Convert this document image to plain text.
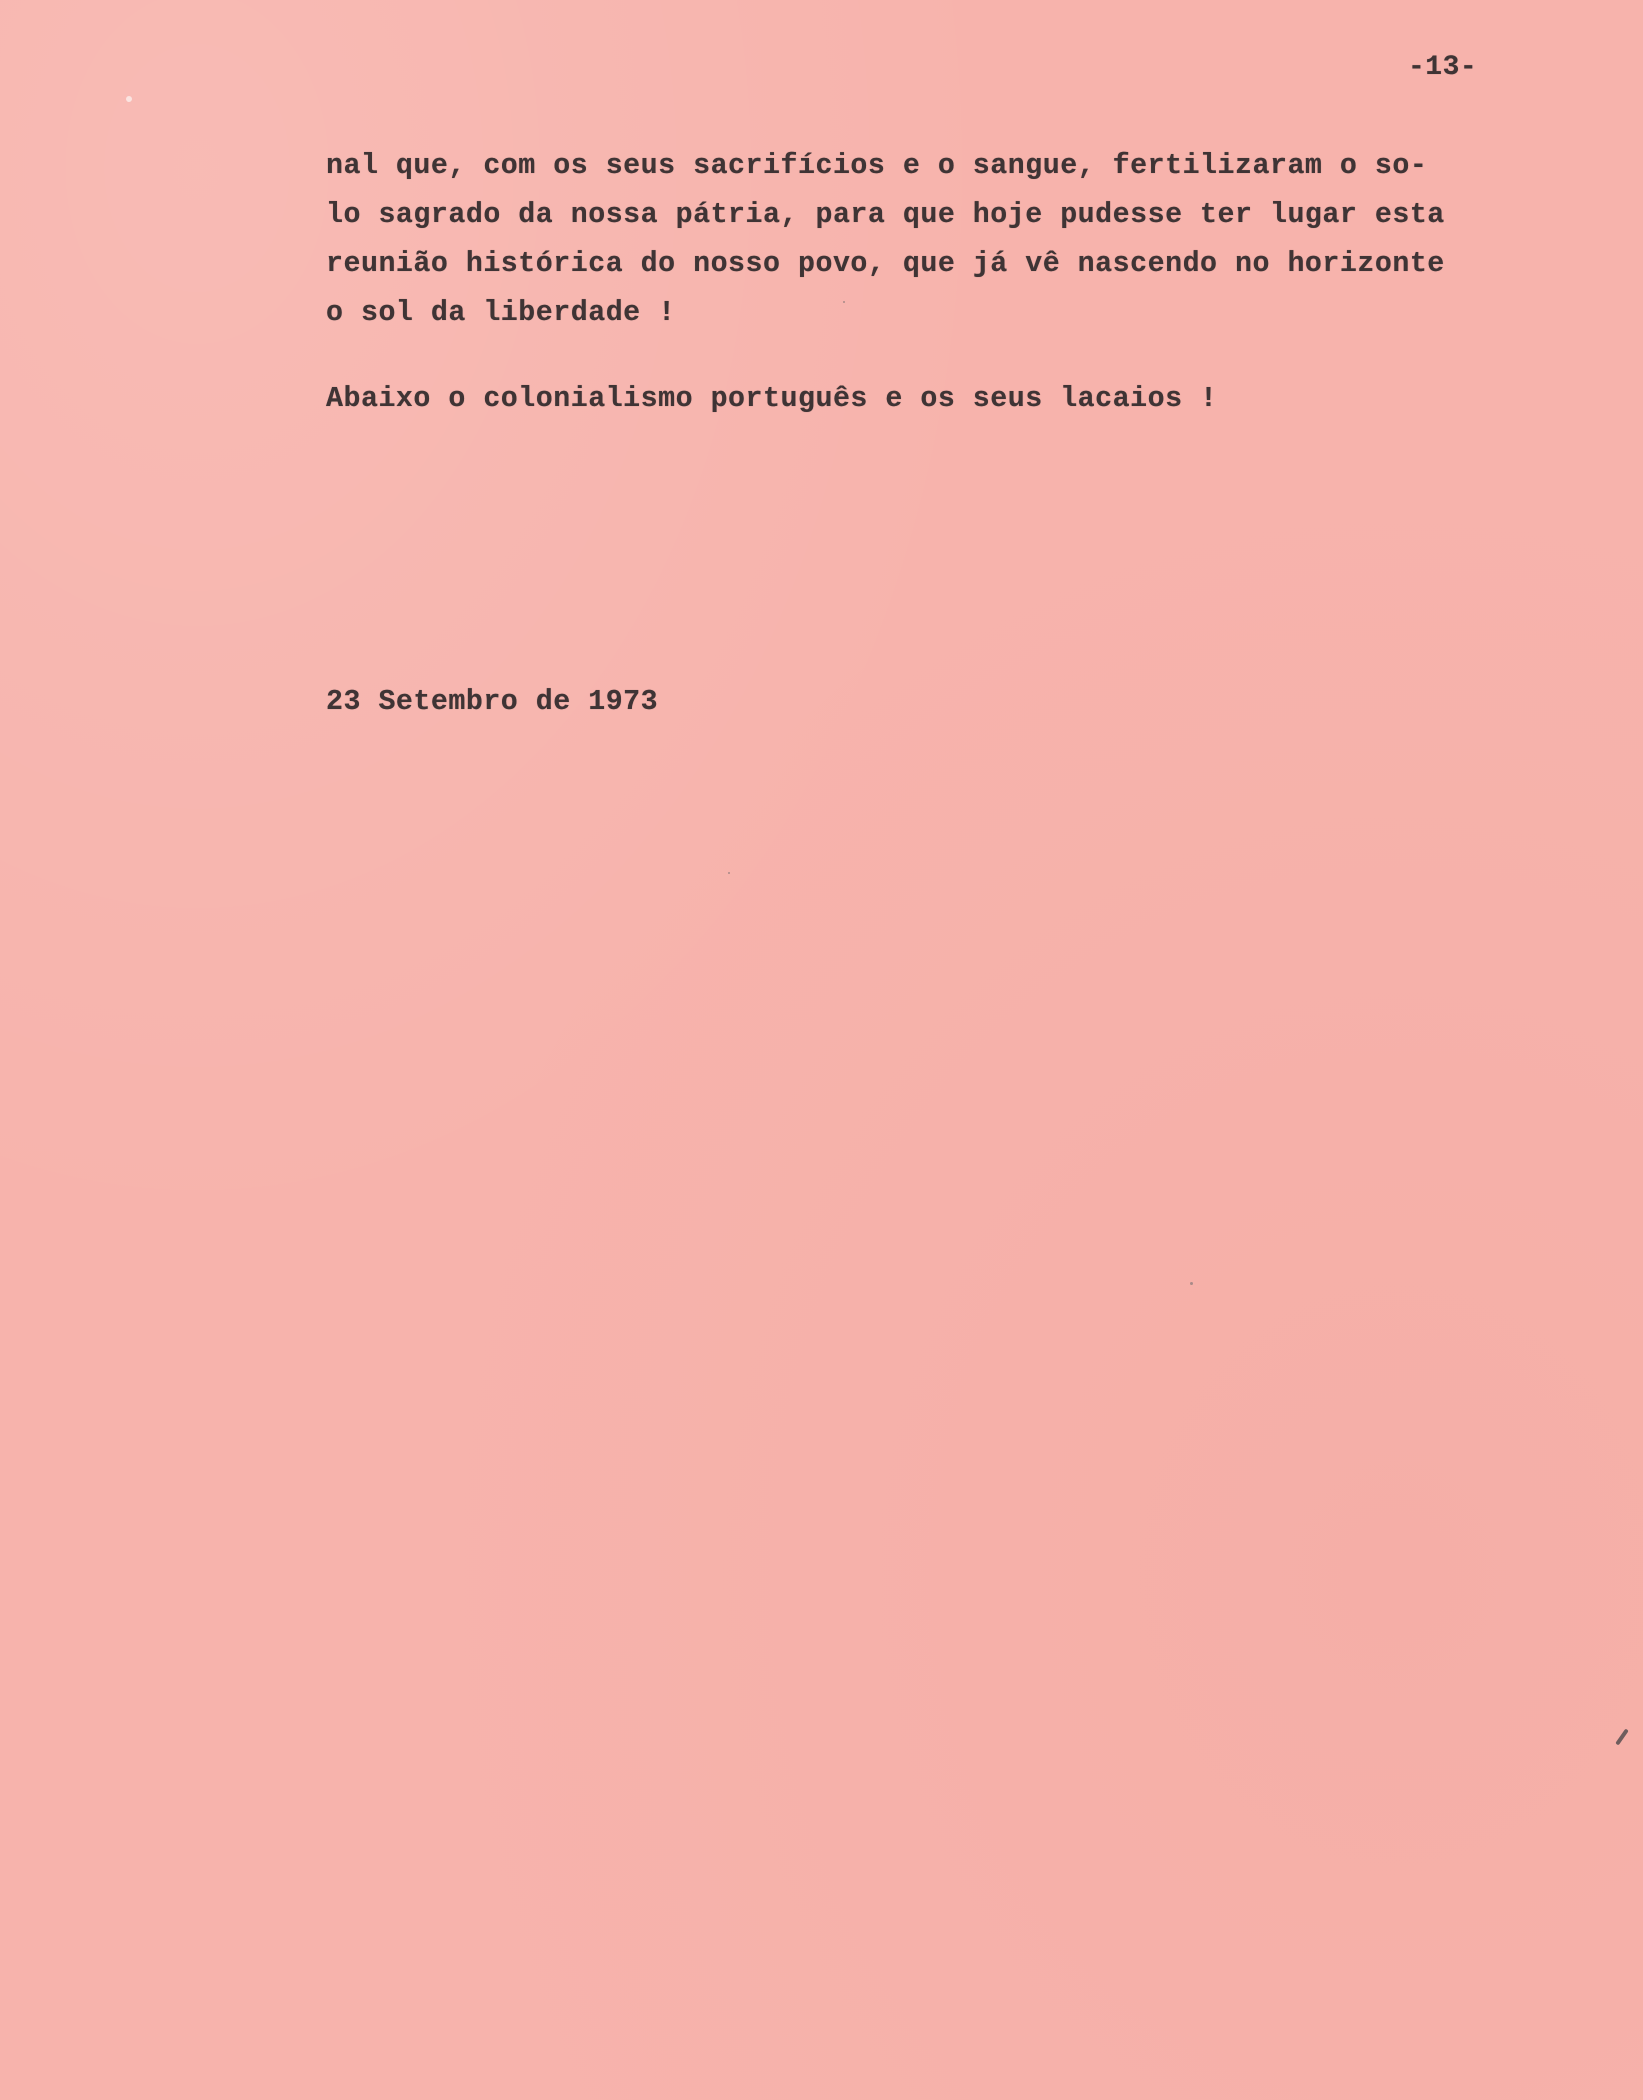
-13-
nal que, com os seus sacrifícios e o sangue, fertilizaram o so-
lo sagrado da nossa pátria, para que hoje pudesse ter lugar esta
reunião histórica do nosso povo, que já vê nascendo no horizonte
o sol da liberdade !
Abaixo o colonialismo português e os seus lacaios !
23 Setembro de 1973
